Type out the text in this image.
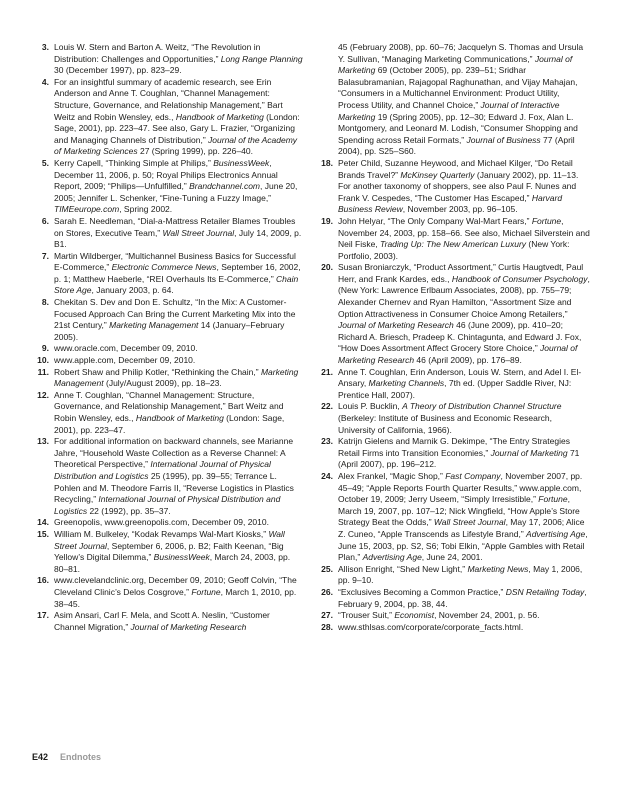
3. Louis W. Stern and Barton A. Weitz, “The Revolution in Distribution: Challenges and Opportunities,” Long Range Planning 30 (December 1997), pp. 823–29.
4. For an insightful summary of academic research, see Erin Anderson and Anne T. Coughlan, “Channel Management: Structure, Governance, and Relationship Management,” Bart Weitz and Robin Wensley, eds., Handbook of Marketing (London: Sage, 2001), pp. 223–47. See also, Gary L. Frazier, “Organizing and Managing Channels of Distribution,” Journal of the Academy of Marketing Sciences 27 (Spring 1999), pp. 226–40.
5. Kerry Capell, “Thinking Simple at Philips,” BusinessWeek, December 11, 2006, p. 50; Royal Philips Electronics Annual Report, 2009; “Philips—Unfulfilled,” Brandchannel.com, June 20, 2005; Jennifer L. Schenker, “Fine-Tuning a Fuzzy Image,” TIMEeurope.com, Spring 2002.
6. Sarah E. Needleman, “Dial-a-Mattress Retailer Blames Troubles on Stores, Executive Team,” Wall Street Journal, July 14, 2009, p. B1.
7. Martin Wildberger, “Multichannel Business Basics for Successful E-Commerce,” Electronic Commerce News, September 16, 2002, p. 1; Matthew Haeberle, “REI Overhauls Its E-Commerce,” Chain Store Age, January 2003, p. 64.
8. Chekitan S. Dev and Don E. Schultz, “In the Mix: A Customer-Focused Approach Can Bring the Current Marketing Mix into the 21st Century,” Marketing Management 14 (January–February 2005).
9. www.oracle.com, December 09, 2010.
10. www.apple.com, December 09, 2010.
11. Robert Shaw and Philip Kotler, “Rethinking the Chain,” Marketing Management (July/August 2009), pp. 18–23.
12. Anne T. Coughlan, “Channel Management: Structure, Governance, and Relationship Management,” Bart Weitz and Robin Wensley, eds., Handbook of Marketing (London: Sage, 2001), pp. 223–47.
13. For additional information on backward channels, see Marianne Jahre, “Household Waste Collection as a Reverse Channel: A Theoretical Perspective,” International Journal of Physical Distribution and Logistics 25 (1995), pp. 39–55; Terrance L. Pohlen and M. Theodore Farris II, “Reverse Logistics in Plastics Recycling,” International Journal of Physical Distribution and Logistics 22 (1992), pp. 35–37.
14. Greenopolis, www.greenopolis.com, December 09, 2010.
15. William M. Bulkeley, “Kodak Revamps Wal-Mart Kiosks,” Wall Street Journal, September 6, 2006, p. B2; Faith Keenan, “Big Yellow’s Digital Dilemma,” BusinessWeek, March 24, 2003, pp. 80–81.
16. www.clevelandclinic.org, December 09, 2010; Geoff Colvin, “The Cleveland Clinic’s Delos Cosgrove,” Fortune, March 1, 2010, pp. 38–45.
17. Asim Ansari, Carl F. Mela, and Scott A. Neslin, “Customer Channel Migration,” Journal of Marketing Research
45 (February 2008), pp. 60–76; Jacquelyn S. Thomas and Ursula Y. Sullivan, “Managing Marketing Communications,” Journal of Marketing 69 (October 2005), pp. 239–51; Sridhar Balasubramanian, Rajagopal Raghunathan, and Vijay Mahajan, “Consumers in a Multichannel Environment: Product Utility, Process Utility, and Channel Choice,” Journal of Interactive Marketing 19 (Spring 2005), pp. 12–30; Edward J. Fox, Alan L. Montgomery, and Leonard M. Lodish, “Consumer Shopping and Spending across Retail Formats,” Journal of Business 77 (April 2004), pp. S25–S60.
18. Peter Child, Suzanne Heywood, and Michael Kilger, “Do Retail Brands Travel?” McKinsey Quarterly (January 2002), pp. 11–13. For another taxonomy of shoppers, see also Paul F. Nunes and Frank V. Cespedes, “The Customer Has Escaped,” Harvard Business Review, November 2003, pp. 96–105.
19. John Helyar, “The Only Company Wal-Mart Fears,” Fortune, November 24, 2003, pp. 158–66. See also, Michael Silverstein and Neil Fiske, Trading Up: The New American Luxury (New York: Portfolio, 2003).
20. Susan Broniarczyk, “Product Assortment,” Curtis Haugtvedt, Paul Herr, and Frank Kardes, eds., Handbook of Consumer Psychology, (New York: Lawrence Erlbaum Associates, 2008), pp. 755–79; Alexander Chernev and Ryan Hamilton, “Assortment Size and Option Attractiveness in Consumer Choice Among Retailers,” Journal of Marketing Research 46 (June 2009), pp. 410–20; Richard A. Briesch, Pradeep K. Chintagunta, and Edward J. Fox, “How Does Assortment Affect Grocery Store Choice,” Journal of Marketing Research 46 (April 2009), pp. 176–89.
21. Anne T. Coughlan, Erin Anderson, Louis W. Stern, and Adel I. El-Ansary, Marketing Channels, 7th ed. (Upper Saddle River, NJ: Prentice Hall, 2007).
22. Louis P. Bucklin, A Theory of Distribution Channel Structure (Berkeley: Institute of Business and Economic Research, University of California, 1966).
23. Katrijn Gielens and Marnik G. Dekimpe, “The Entry Strategies Retail Firms into Transition Economies,” Journal of Marketing 71 (April 2007), pp. 196–212.
24. Alex Frankel, “Magic Shop,” Fast Company, November 2007, pp. 45–49; “Apple Reports Fourth Quarter Results,” www.apple.com, October 19, 2009; Jerry Useem, “Simply Irresistible,” Fortune, March 19, 2007, pp. 107–12; Nick Wingfield, “How Apple’s Store Strategy Beat the Odds,” Wall Street Journal, May 17, 2006; Alice Z. Cuneo, “Apple Transcends as Lifestyle Brand,” Advertising Age, June 15, 2003, pp. S2, S6; Tobi Elkin, “Apple Gambles with Retail Plan,” Advertising Age, June 24, 2001.
25. Allison Enright, “Shed New Light,” Marketing News, May 1, 2006, pp. 9–10.
26. “Exclusives Becoming a Common Practice,” DSN Retailing Today, February 9, 2004, pp. 38, 44.
27. “Trouser Suit,” Economist, November 24, 2001, p. 56.
28. www.sthlsas.com/corporate/corporate_facts.html.
E42 Endnotes
